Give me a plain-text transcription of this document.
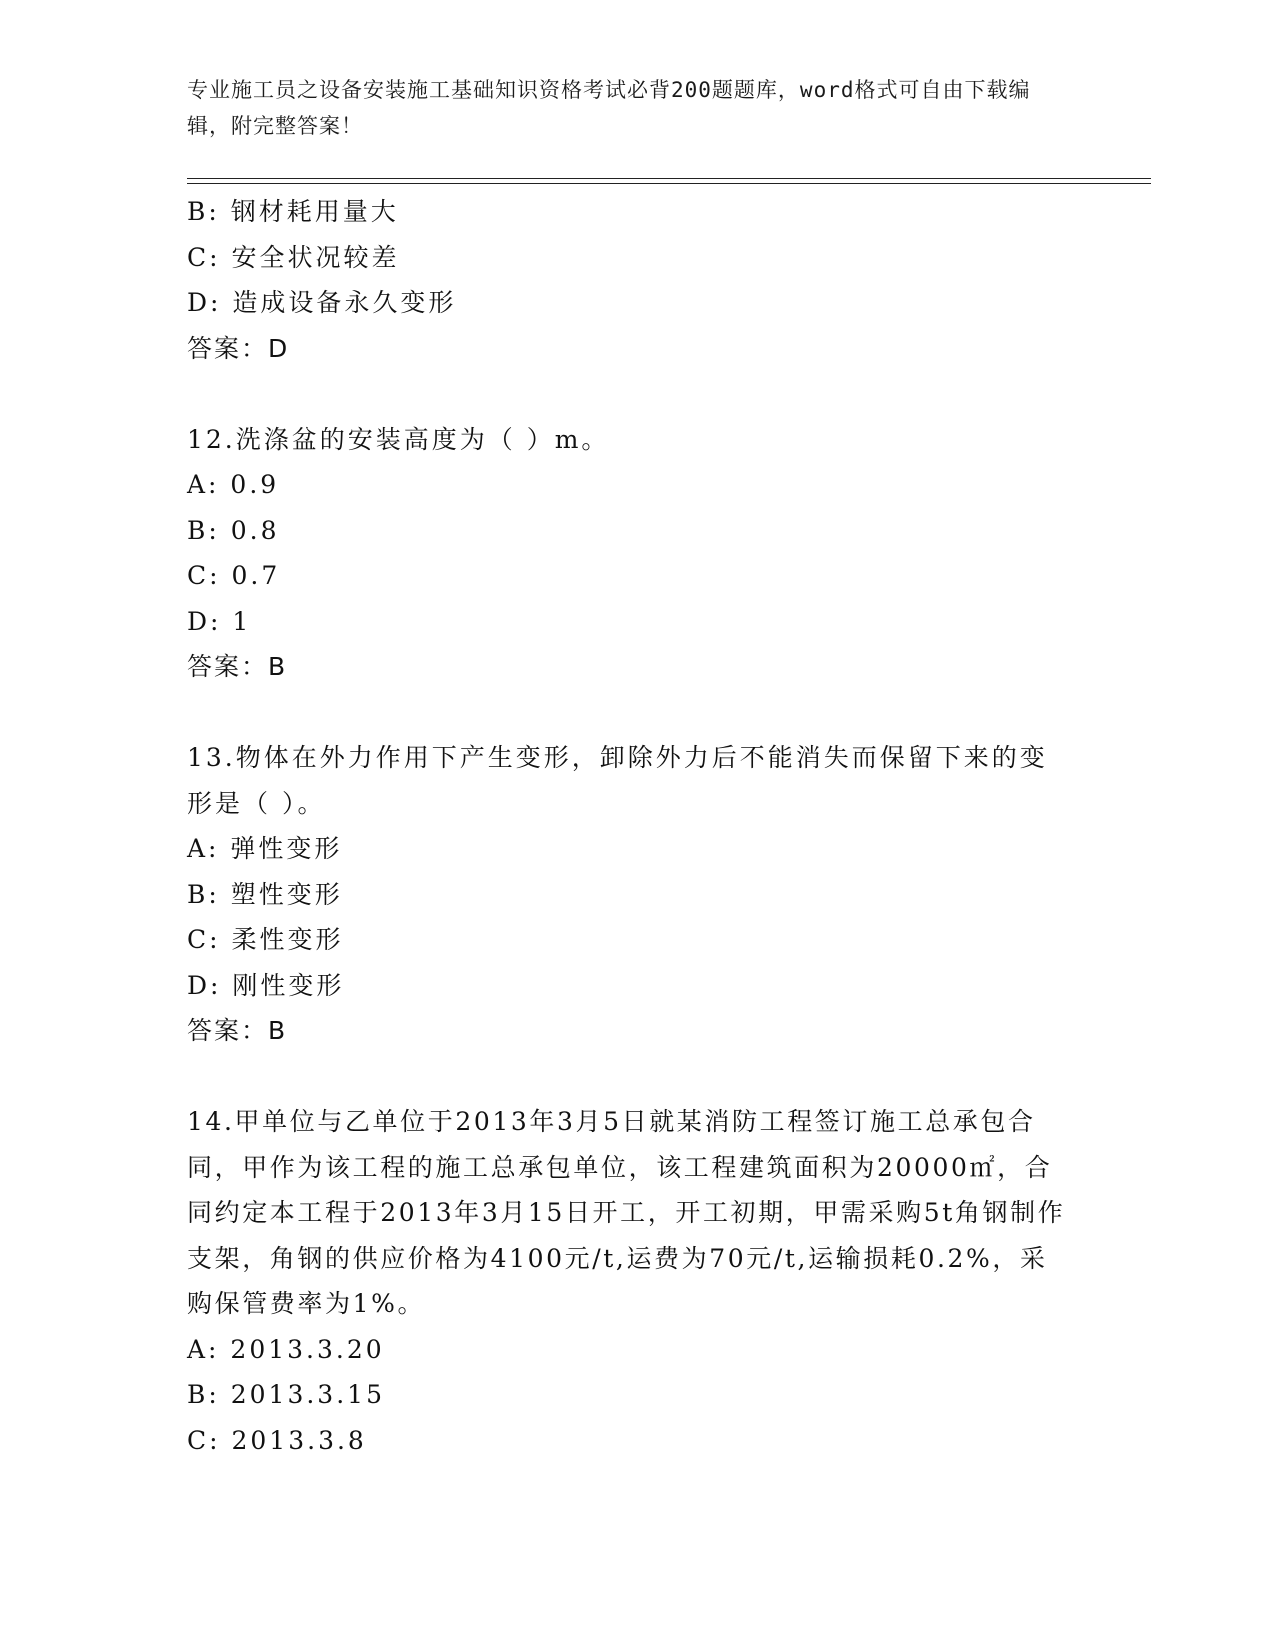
专业施工员之设备安装施工基础知识资格考试必背200题题库，word格式可自由下载编辑，附完整答案！
B: 钢材耗用量大
C: 安全状况较差
D: 造成设备永久变形
答案：D
12.洗涤盆的安装高度为（ ）m。
A: 0.9
B: 0.8
C: 0.7
D: 1
答案：B
13.物体在外力作用下产生变形，卸除外力后不能消失而保留下来的变形是（ ）。
A: 弹性变形
B: 塑性变形
C: 柔性变形
D: 刚性变形
答案：B
14.甲单位与乙单位于2013年3月5日就某消防工程签订施工总承包合同，甲作为该工程的施工总承包单位，该工程建筑面积为20000㎡，合同约定本工程于2013年3月15日开工，开工初期，甲需采购5t角钢制作支架，角钢的供应价格为4100元/t,运费为70元/t,运输损耗0.2%，采购保管费率为1%。
A: 2013.3.20
B: 2013.3.15
C: 2013.3.8
